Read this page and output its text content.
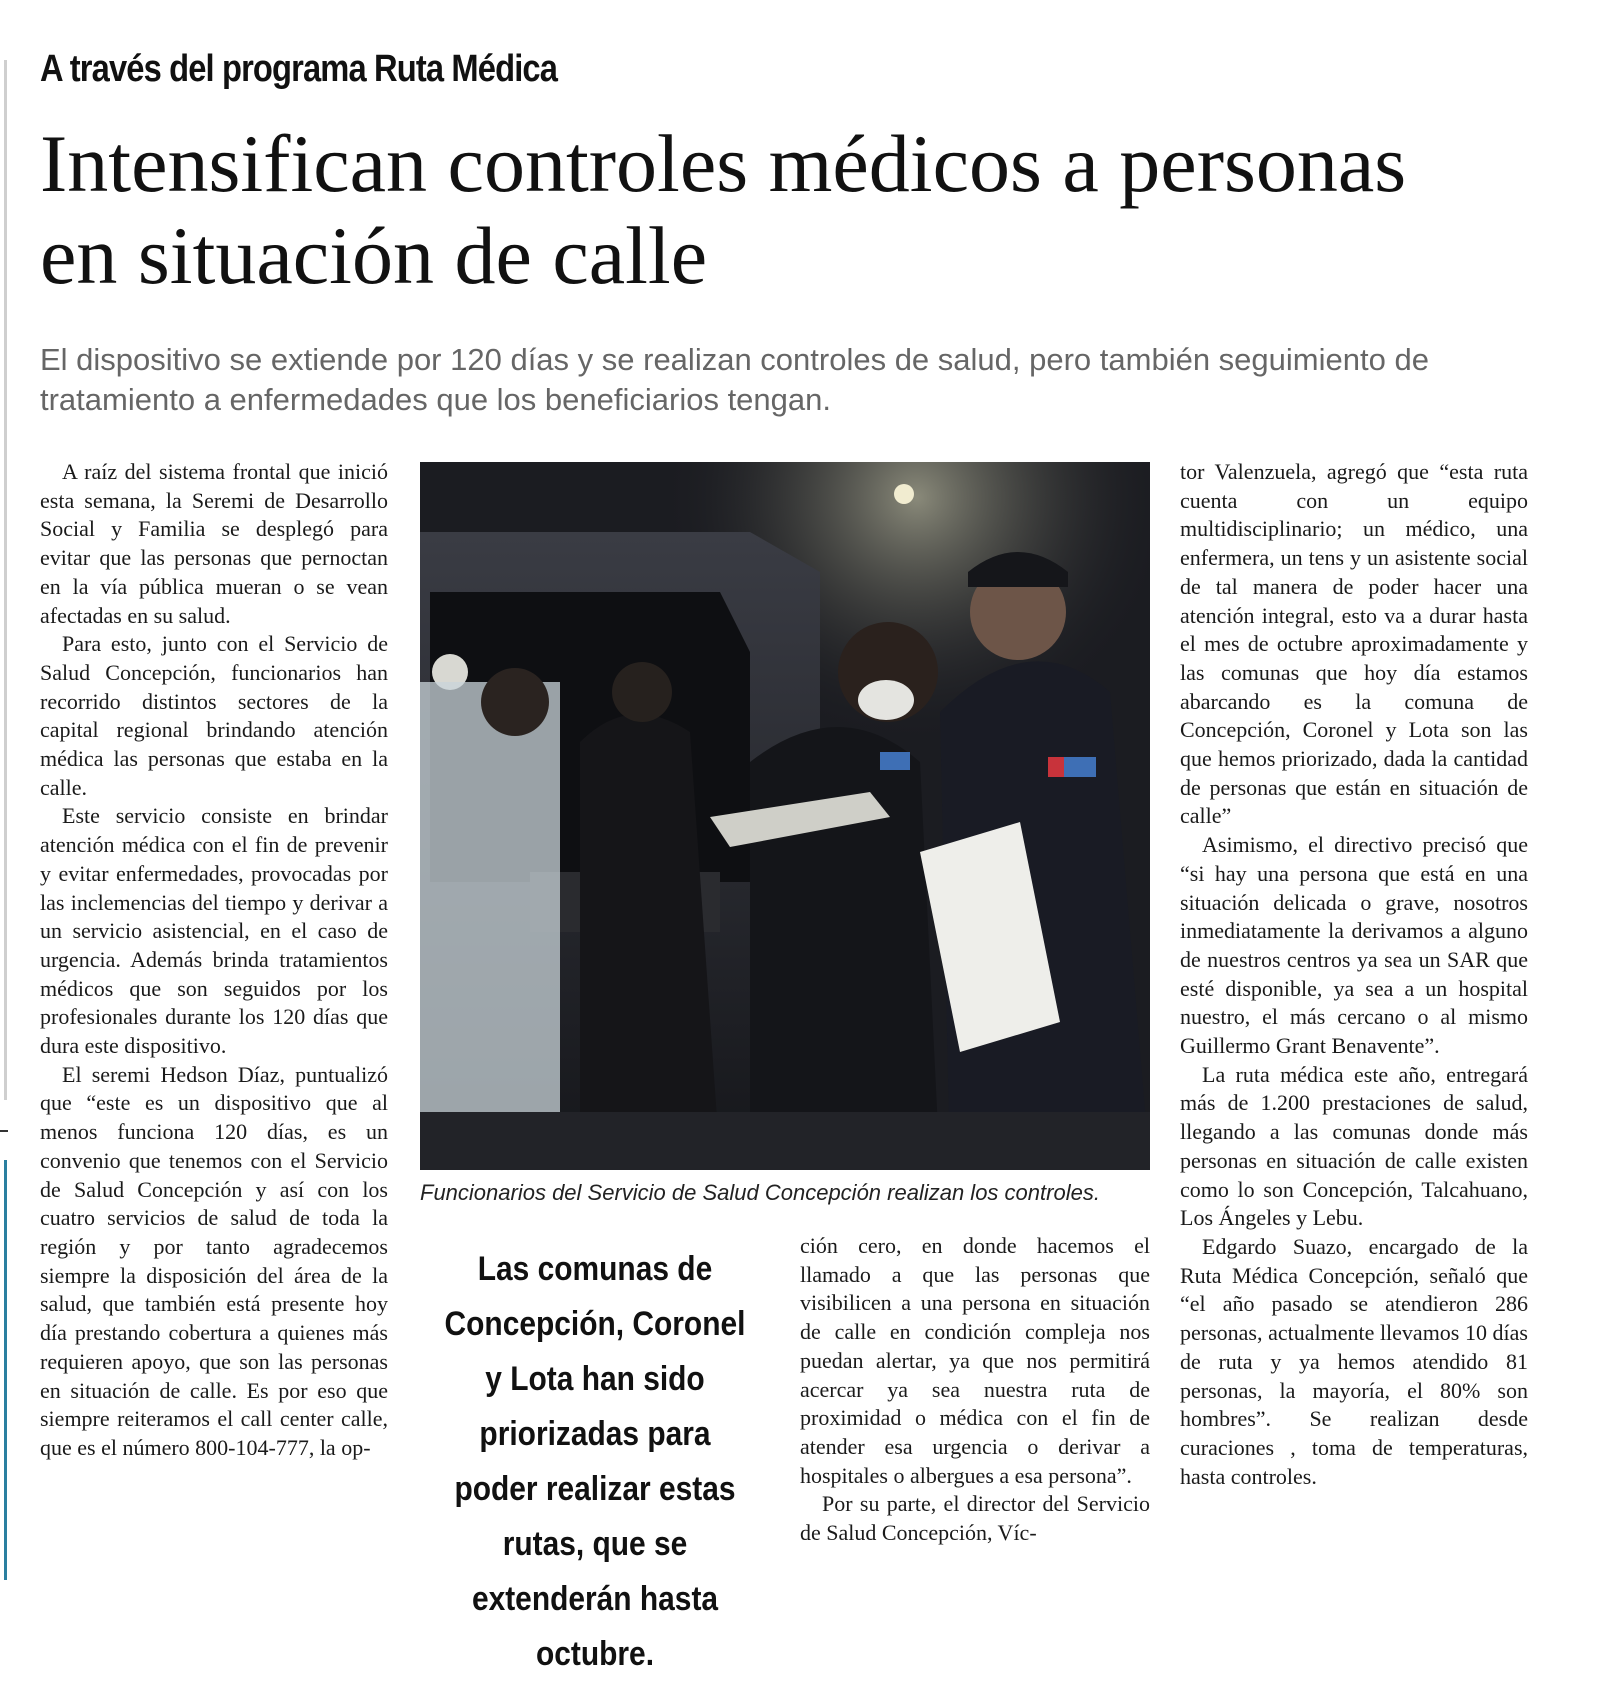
A través del programa Ruta Médica
Intensifican controles médicos a personas en situación de calle

El dispositivo se extiende por 120 días y se realizan controles de salud, pero también seguimiento de tratamiento a enfermedades que los beneficiarios tengan.

A raíz del sistema frontal que inició esta semana, la Seremi de Desarrollo Social y Familia se desplegó para evitar que las personas que pernoctan en la vía pública mueran o se vean afectadas en su salud.

Para esto, junto con el Servicio de Salud Concepción, funcionarios han recorrido distintos sectores de la capital regional brindando atención médica las personas que estaba en la calle.

Este servicio consiste en brindar atención médica con el fin de prevenir y evitar enfermedades, provocadas por las inclemencias del tiempo y derivar a un servicio asistencial, en el caso de urgencia. Además brinda tratamientos médicos que son seguidos por los profesionales durante los 120 días que dura este dispositivo.

El seremi Hedson Díaz, puntualizó que “este es un dispositivo que al menos funciona 120 días, es un convenio que tenemos con el Servicio de Salud Concepción y así con los cuatro servicios de salud de toda la región y por tanto agradecemos siempre la disposición del área de la salud, que también está presente hoy día prestando cobertura a quienes más requieren apoyo, que son las personas en situación de calle. Es por eso que siempre reiteramos el call center calle, que es el número 800-104-777, la op-

Funcionarios del Servicio de Salud Concepción realizan los controles.

Las comunas de Concepción, Coronel y Lota han sido priorizadas para poder realizar estas rutas, que se extenderán hasta octubre.

ción cero, en donde hacemos el llamado a que las personas que visibilicen a una persona en situación de calle en condición compleja nos puedan alertar, ya que nos permitirá acercar ya sea nuestra ruta de proximidad o médica con el fin de atender esa urgencia o derivar a hospitales o albergues a esa persona”.

Por su parte, el director del Servicio de Salud Concepción, Víc-

tor Valenzuela, agregó que “esta ruta cuenta con un equipo multidisciplinario; un médico, una enfermera, un tens y un asistente social de tal manera de poder hacer una atención integral, esto va a durar hasta el mes de octubre aproximadamente y las comunas que hoy día estamos abarcando es la comuna de Concepción, Coronel y Lota son las que hemos priorizado, dada la cantidad de personas que están en situación de calle”

Asimismo, el directivo precisó que “si hay una persona que está en una situación delicada o grave, nosotros inmediatamente la derivamos a alguno de nuestros centros ya sea un SAR que esté disponible, ya sea a un hospital nuestro, el más cercano o al mismo Guillermo Grant Benavente”.

La ruta médica este año, entregará más de 1.200 prestaciones de salud, llegando a las comunas donde más personas en situación de calle existen como lo son Concepción, Talcahuano, Los Ángeles y Lebu.

Edgardo Suazo, encargado de la Ruta Médica Concepción, señaló que “el año pasado se atendieron 286 personas, actualmente llevamos 10 días de ruta y ya hemos atendido 81 personas, la mayoría, el 80% son hombres”. Se realizan desde curaciones , toma de temperaturas, hasta controles.
